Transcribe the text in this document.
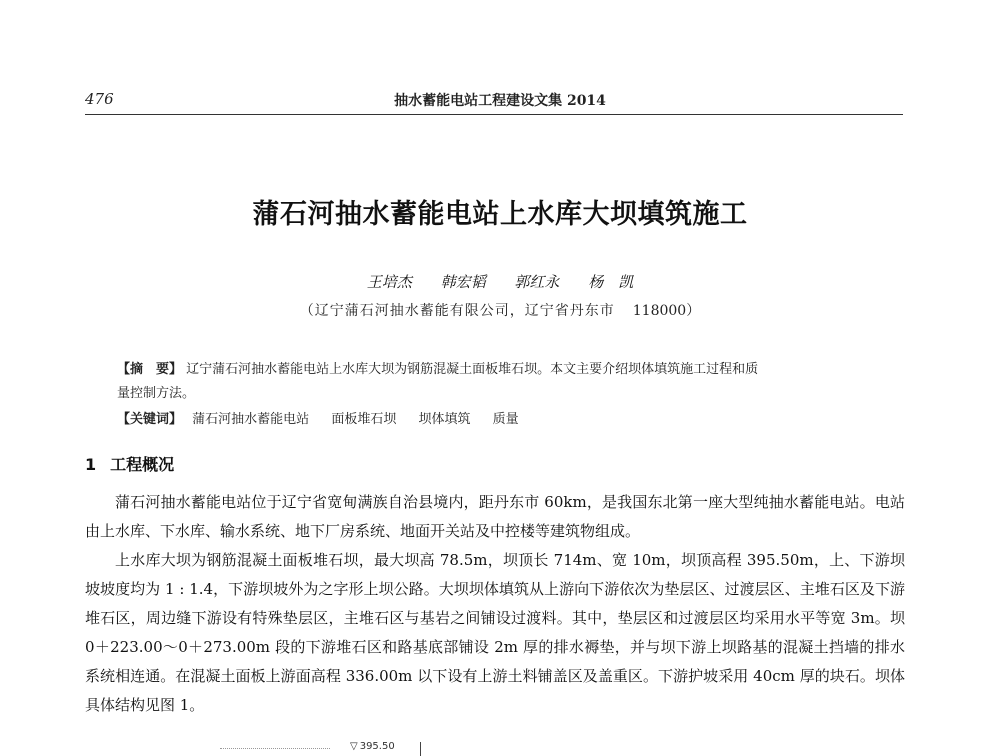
476	抽水蓄能电站工程建设文集 2014
蒲石河抽水蓄能电站上水库大坝填筑施工
王培杰 韩宏韬 郭红永 杨　凯
（辽宁蒲石河抽水蓄能有限公司，辽宁省丹东市 118000）
【摘　要】 辽宁蒲石河抽水蓄能电站上水库大坝为钢筋混凝土面板堆石坝。本文主要介绍坝体填筑施工过程和质
量控制方法。
【关键词】 蒲石河抽水蓄能电站 面板堆石坝 坝体填筑 质量
1 工程概况

蒲石河抽水蓄能电站位于辽宁省宽甸满族自治县境内，距丹东市 60km，是我国东北第一座大型纯抽水蓄能电站。电站由上水库、下水库、输水系统、地下厂房系统、地面开关站及中控楼等建筑物组成。

上水库大坝为钢筋混凝土面板堆石坝，最大坝高 78.5m，坝顶长 714m、宽 10m，坝顶高程 395.50m，上、下游坝坡坡度均为 1 : 1.4，下游坝坡外为之字形上坝公路。大坝坝体填筑从上游向下游依次为垫层区、过渡层区、主堆石区及下游堆石区，周边缝下游设有特殊垫层区，主堆石区与基岩之间铺设过渡料。其中，垫层区和过渡层区均采用水平等宽 3m。坝 0＋223.00～0＋273.00m 段的下游堆石区和路基底部铺设 2m 厚的排水褥垫，并与坝下游上坝路基的混凝土挡墙的排水系统相连通。在混凝土面板上游面高程 336.00m 以下设有上游土料铺盖区及盖重区。下游护坡采用 40cm 厚的块石。坝体具体结构见图 1。

▽ 395.50
